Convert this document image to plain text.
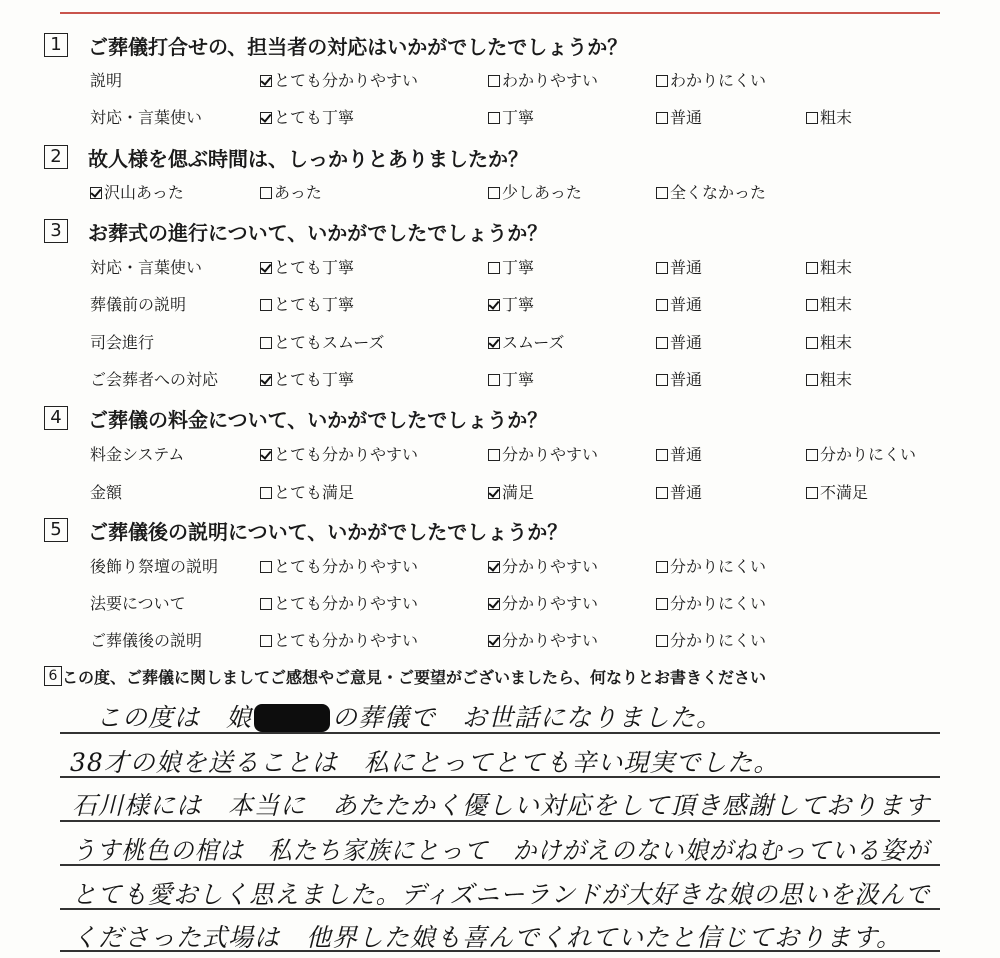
1	ご葬儀打合せの、担当者の対応はいかがでしたでしょうか？
説明	とても分かりやすい	わかりやすい	わかりにくい
対応・言葉使い	とても丁寧	丁寧	普通	粗末
2	故人様を偲ぶ時間は、しっかりとありましたか？
沢山あった	あった	少しあった	全くなかった
3	お葬式の進行について、いかがでしたでしょうか？
対応・言葉使い	とても丁寧	丁寧	普通	粗末
葬儀前の説明	とても丁寧	丁寧	普通	粗末
司会進行	とてもスムーズ	スムーズ	普通	粗末
ご会葬者への対応	とても丁寧	丁寧	普通	粗末
4	ご葬儀の料金について、いかがでしたでしょうか？
料金システム	とても分かりやすい	分かりやすい	普通	分かりにくい
金額	とても満足	満足	普通	不満足
5	ご葬儀後の説明について、いかがでしたでしょうか？
後飾り祭壇の説明	とても分かりやすい	分かりやすい	分かりにくい
法要について	とても分かりやすい	分かりやすい	分かりにくい
ご葬儀後の説明	とても分かりやすい	分かりやすい	分かりにくい
6 この度、ご葬儀に関しましてご感想やご意見・ご要望がございましたら、何なりとお書きください
この度は　娘	の葬儀で　お世話になりました。
38才の娘を送ることは　私にとってとても辛い現実でした。
石川様には　本当に　あたたかく優しい対応をして頂き感謝しております
うす桃色の棺は　私たち家族にとって　かけがえのない娘がねむっている姿が
とても愛おしく思えました。ディズニーランドが大好きな娘の思いを汲んで
くださった式場は　他界した娘も喜んでくれていたと信じております。
